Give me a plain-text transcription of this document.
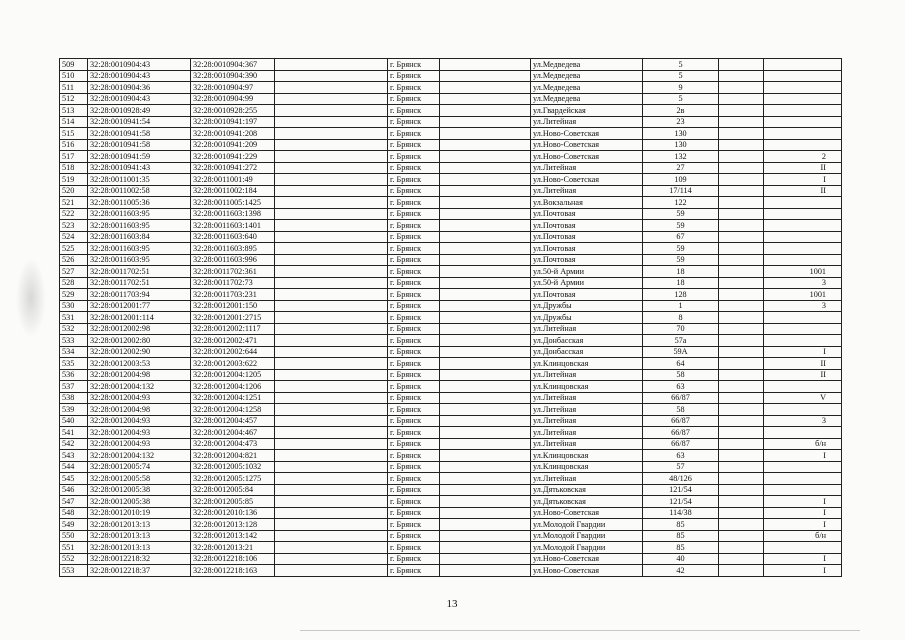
509	32:28:0010904:43	32:28:0010904:367		г. Брянск		ул.Медведева	5		
510	32:28:0010904:43	32:28:0010904:390		г. Брянск		ул.Медведева	5		
511	32:28:0010904:36	32:28:0010904:97		г. Брянск		ул.Медведева	9		
512	32:28:0010904:43	32:28:0010904:99		г. Брянск		ул.Медведева	5		
513	32:28:0010928:49	32:28:0010928:255		г. Брянск		ул.Гвардейская	2в		
514	32:28:0010941:54	32:28:0010941:197		г. Брянск		ул.Литейная	23		
515	32:28:0010941:58	32:28:0010941:208		г. Брянск		ул.Ново-Советская	130		
516	32:28:0010941:58	32:28:0010941:209		г. Брянск		ул.Ново-Советская	130		
517	32:28:0010941:59	32:28:0010941:229		г. Брянск		ул.Ново-Советская	132		2
518	32:28:0010941:43	32:28:0010941:272		г. Брянск		ул.Литейная	27		II
519	32:28:0011001:35	32:28:0011001:49		г. Брянск		ул.Ново-Советская	109		I
520	32:28:0011002:58	32:28:0011002:184		г. Брянск		ул.Литейная	17/114		II
521	32:28:0011005:36	32:28:0011005:1425		г. Брянск		ул.Вокзальная	122		
522	32:28:0011603:95	32:28:0011603:1398		г. Брянск		ул.Почтовая	59		
523	32:28:0011603:95	32:28:0011603:1401		г. Брянск		ул.Почтовая	59		
524	32:28:0011603:84	32:28:0011603:640		г. Брянск		ул.Почтовая	67		
525	32:28:0011603:95	32:28:0011603:895		г. Брянск		ул.Почтовая	59		
526	32:28:0011603:95	32:28:0011603:996		г. Брянск		ул.Почтовая	59		
527	32:28:0011702:51	32:28:0011702:361		г. Брянск		ул.50-й Армии	18		1001
528	32:28:0011702:51	32:28:0011702:73		г. Брянск		ул.50-й Армии	18		3
529	32:28:0011703:94	32:28:0011703:231		г. Брянск		ул.Почтовая	128		1001
530	32:28:0012001:77	32:28:0012001:150		г. Брянск		ул.Дружбы	1		3
531	32:28:0012001:114	32:28:0012001:2715		г. Брянск		ул.Дружбы	8		
532	32:28:0012002:98	32:28:0012002:1117		г. Брянск		ул.Литейная	70		
533	32:28:0012002:80	32:28:0012002:471		г. Брянск		ул.Донбасская	57а		
534	32:28:0012002:90	32:28:0012002:644		г. Брянск		ул.Донбасская	59А		I
535	32:28:0012003:53	32:28:0012003:622		г. Брянск		ул.Клинцовская	64		II
536	32:28:0012004:98	32:28:0012004:1205		г. Брянск		ул.Литейная	58		II
537	32:28:0012004:132	32:28:0012004:1206		г. Брянск		ул.Клинцовская	63		
538	32:28:0012004:93	32:28:0012004:1251		г. Брянск		ул.Литейная	66/87		V
539	32:28:0012004:98	32:28:0012004:1258		г. Брянск		ул.Литейная	58		
540	32:28:0012004:93	32:28:0012004:457		г. Брянск		ул.Литейная	66/87		3
541	32:28:0012004:93	32:28:0012004:467		г. Брянск		ул.Литейная	66/87		
542	32:28:0012004:93	32:28:0012004:473		г. Брянск		ул.Литейная	66/87		б/н
543	32:28:0012004:132	32:28:0012004:821		г. Брянск		ул.Клинцовская	63		I
544	32:28:0012005:74	32:28:0012005:1032		г. Брянск		ул.Клинцовская	57		
545	32:28:0012005:58	32:28:0012005:1275		г. Брянск		ул.Литейная	48/126		
546	32:28:0012005:38	32:28:0012005:84		г. Брянск		ул.Дятьковская	121/54		
547	32:28:0012005:38	32:28:0012005:85		г. Брянск		ул.Дятьковская	121/54		I
548	32:28:0012010:19	32:28:0012010:136		г. Брянск		ул.Ново-Советская	114/38		I
549	32:28:0012013:13	32:28:0012013:128		г. Брянск		ул.Молодой Гвардии	85		I
550	32:28:0012013:13	32:28:0012013:142		г. Брянск		ул.Молодой Гвардии	85		б/н
551	32:28:0012013:13	32:28:0012013:21		г. Брянск		ул.Молодой Гвардии	85		
552	32:28:0012218:32	32:28:0012218:106		г. Брянск		ул.Ново-Советская	40		I
553	32:28:0012218:37	32:28:0012218:163		г. Брянск		ул.Ново-Советская	42		I
13
